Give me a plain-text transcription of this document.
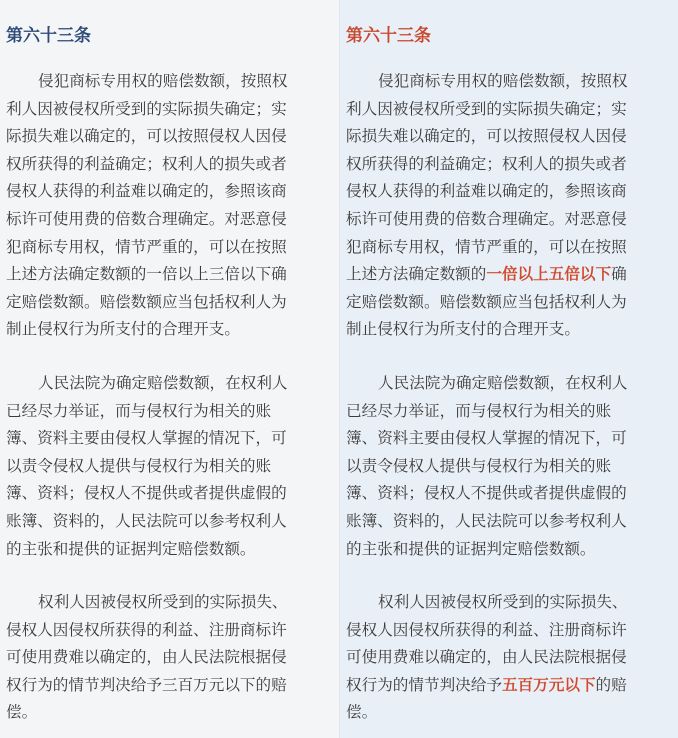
第六十三条
侵犯商标专用权的赔偿数额，按照权
利人因被侵权所受到的实际损失确定；实
际损失难以确定的，可以按照侵权人因侵
权所获得的利益确定；权利人的损失或者
侵权人获得的利益难以确定的，参照该商
标许可使用费的倍数合理确定。对恶意侵
犯商标专用权，情节严重的，可以在按照
上述方法确定数额的一倍以上三倍以下确
定赔偿数额。赔偿数额应当包括权利人为
制止侵权行为所支付的合理开支。
人民法院为确定赔偿数额，在权利人
已经尽力举证，而与侵权行为相关的账
簿、资料主要由侵权人掌握的情况下，可
以责令侵权人提供与侵权行为相关的账
簿、资料；侵权人不提供或者提供虚假的
账簿、资料的，人民法院可以参考权利人
的主张和提供的证据判定赔偿数额。
权利人因被侵权所受到的实际损失、
侵权人因侵权所获得的利益、注册商标许
可使用费难以确定的，由人民法院根据侵
权行为的情节判决给予三百万元以下的赔
偿。
第六十三条
侵犯商标专用权的赔偿数额，按照权
利人因被侵权所受到的实际损失确定；实
际损失难以确定的，可以按照侵权人因侵
权所获得的利益确定；权利人的损失或者
侵权人获得的利益难以确定的，参照该商
标许可使用费的倍数合理确定。对恶意侵
犯商标专用权，情节严重的，可以在按照
上述方法确定数额的一倍以上五倍以下确
定赔偿数额。赔偿数额应当包括权利人为
制止侵权行为所支付的合理开支。
人民法院为确定赔偿数额，在权利人
已经尽力举证，而与侵权行为相关的账
簿、资料主要由侵权人掌握的情况下，可
以责令侵权人提供与侵权行为相关的账
簿、资料；侵权人不提供或者提供虚假的
账簿、资料的，人民法院可以参考权利人
的主张和提供的证据判定赔偿数额。
权利人因被侵权所受到的实际损失、
侵权人因侵权所获得的利益、注册商标许
可使用费难以确定的，由人民法院根据侵
权行为的情节判决给予五百万元以下的赔
偿。
